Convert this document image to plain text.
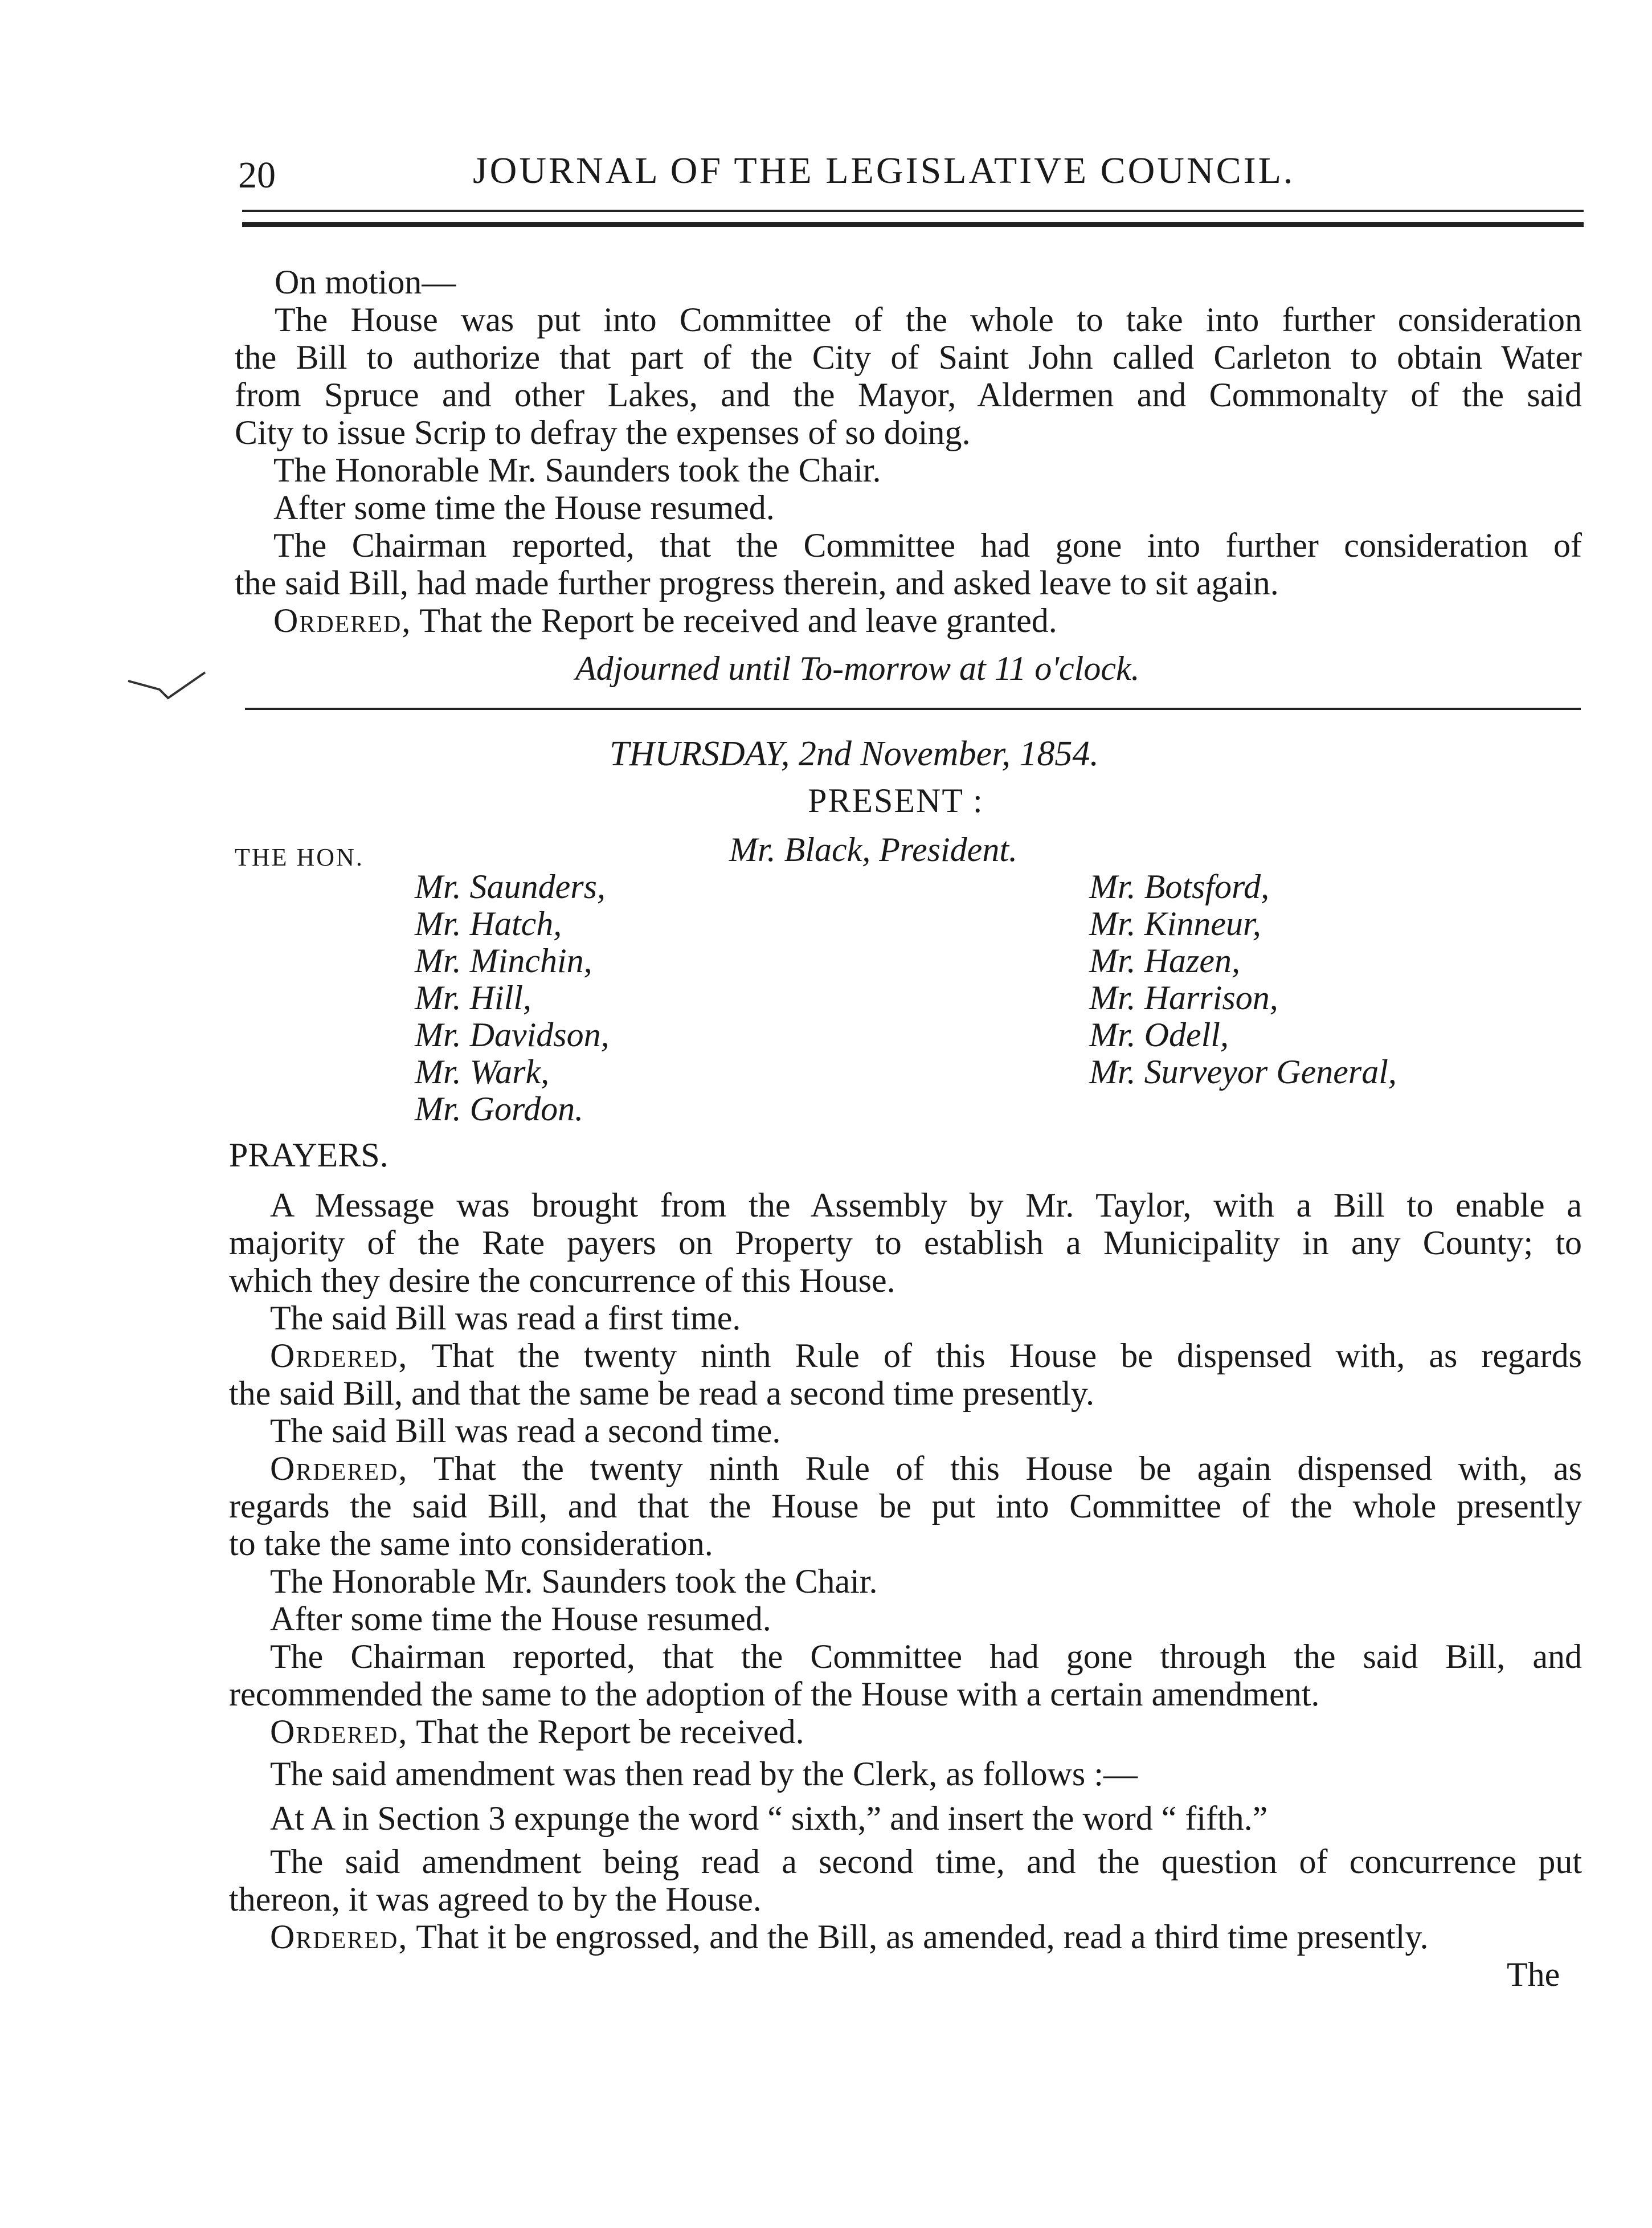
20	JOURNAL OF THE LEGISLATIVE COUNCIL.
On motion—
The House was put into Committee of the whole to take into further consideration
the Bill to authorize that part of the City of Saint John called Carleton to obtain Water
from Spruce and other Lakes, and the Mayor, Aldermen and Commonalty of the said
City to issue Scrip to defray the expenses of so doing.
The Honorable Mr. Saunders took the Chair.
After some time the House resumed.
The Chairman reported, that the Committee had gone into further consideration of
the said Bill, had made further progress therein, and asked leave to sit again.
Ordered, That the Report be received and leave granted.
Adjourned until To-morrow at 11 o'clock.
THURSDAY, 2nd November, 1854.
PRESENT :
THE HON.	Mr. Black, President.
Mr. Saunders,
Mr. Hatch,
Mr. Minchin,
Mr. Hill,
Mr. Davidson,
Mr. Wark,
Mr. Gordon.
Mr. Botsford,
Mr. Kinneur,
Mr. Hazen,
Mr. Harrison,
Mr. Odell,
Mr. Surveyor General,
PRAYERS.
A Message was brought from the Assembly by Mr. Taylor, with a Bill to enable a
majority of the Rate payers on Property to establish a Municipality in any County; to
which they desire the concurrence of this House.
The said Bill was read a first time.
Ordered, That the twenty ninth Rule of this House be dispensed with, as regards
the said Bill, and that the same be read a second time presently.
The said Bill was read a second time.
Ordered, That the twenty ninth Rule of this House be again dispensed with, as
regards the said Bill, and that the House be put into Committee of the whole presently
to take the same into consideration.
The Honorable Mr. Saunders took the Chair.
After some time the House resumed.
The Chairman reported, that the Committee had gone through the said Bill, and
recommended the same to the adoption of the House with a certain amendment.
Ordered, That the Report be received.
The said amendment was then read by the Clerk, as follows :—
At A in Section 3 expunge the word “ sixth,” and insert the word “ fifth.”
The said amendment being read a second time, and the question of concurrence put
thereon, it was agreed to by the House.
Ordered, That it be engrossed, and the Bill, as amended, read a third time presently.
The
